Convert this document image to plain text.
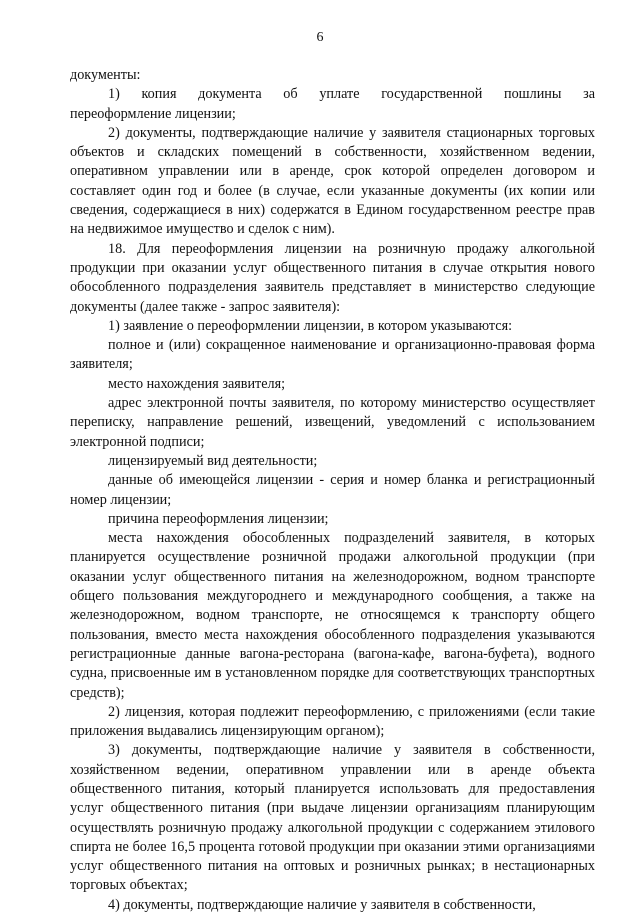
6

документы:

1)   копия   документа   об   уплате   государственной   пошлины   за переоформление лицензии;

2) документы, подтверждающие наличие у заявителя стационарных торговых объектов и складских помещений в собственности, хозяйственном ведении, оперативном управлении или в аренде, срок которой определен договором и составляет один год и более (в случае, если указанные документы (их копии или сведения, содержащиеся в них) содержатся в Едином государственном реестре прав на недвижимое имущество и сделок с ним).

18. Для переоформления лицензии на розничную продажу алкогольной продукции при оказании услуг общественного питания в случае открытия нового обособленного подразделения заявитель представляет в министерство следующие документы (далее также - запрос заявителя):

1) заявление о переоформлении лицензии, в котором указываются:

полное и (или) сокращенное наименование и организационно-правовая форма заявителя;

место нахождения заявителя;

адрес электронной почты заявителя, по которому министерство осуществляет переписку, направление решений, извещений, уведомлений с использованием электронной подписи;

лицензируемый вид деятельности;

данные об имеющейся лицензии - серия и номер бланка и регистрационный номер лицензии;

причина переоформления лицензии;

места нахождения обособленных подразделений заявителя, в которых планируется осуществление розничной продажи алкогольной продукции (при оказании услуг общественного питания на железнодорожном, водном транспорте общего пользования междугороднего и международного сообщения, а также на железнодорожном, водном транспорте, не относящемся к транспорту общего пользования, вместо места нахождения обособленного подразделения указываются регистрационные данные вагона-ресторана (вагона-кафе, вагона-буфета), водного судна, присвоенные им в установленном порядке для соответствующих транспортных средств);

2) лицензия, которая подлежит переоформлению, с приложениями (если такие приложения выдавались лицензирующим органом);

3) документы, подтверждающие наличие у заявителя в собственности, хозяйственном ведении, оперативном управлении или в аренде объекта общественного питания, который планируется использовать для предоставления услуг общественного питания (при выдаче лицензии организациям планирующим осуществлять розничную продажу алкогольной продукции с содержанием этилового спирта не более 16,5 процента готовой продукции при оказании этими организациями услуг общественного питания на оптовых и розничных рынках; в нестационарных торговых объектах;

4) документы, подтверждающие наличие у заявителя в собственности,
